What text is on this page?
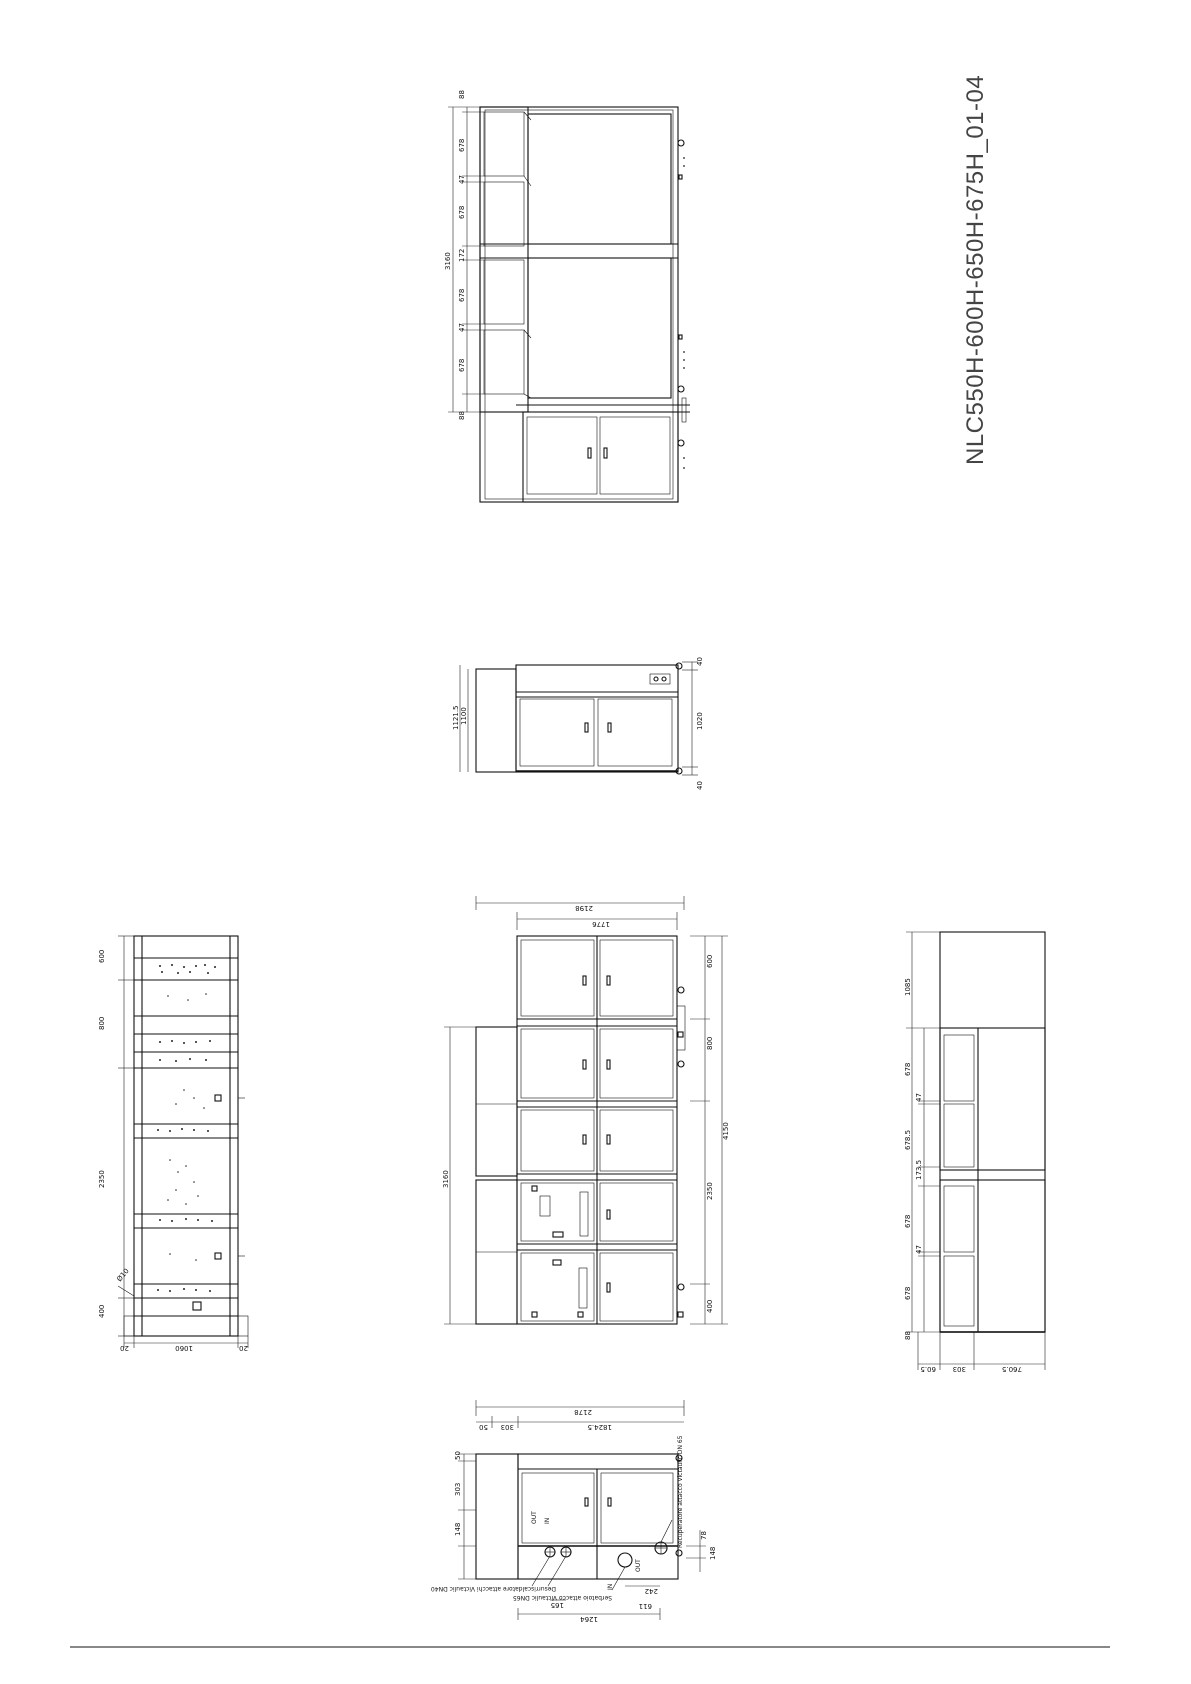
NLC550H-600H-650H-675H_01-04
88
678
47
678
172
678
47
678
88
3160
1121.5 1100
40
1020
40
600
800
2350
400
Ø10
20	1060	20
2198
1776
3160
600
800
2350
400
4150
1085
678
47
678.5
173.5
678
47
678
88
60.5 303	760.5
OUT IN
IN
OUT
Desurriscaldatore attacchi Victaulic DN40
Serbatoio attacco Victaulic DN65
Recuperatore attacco Victaulic DN 65
2178
1824.5
303
50
50
303
148	78
148
242
611
165
1264
